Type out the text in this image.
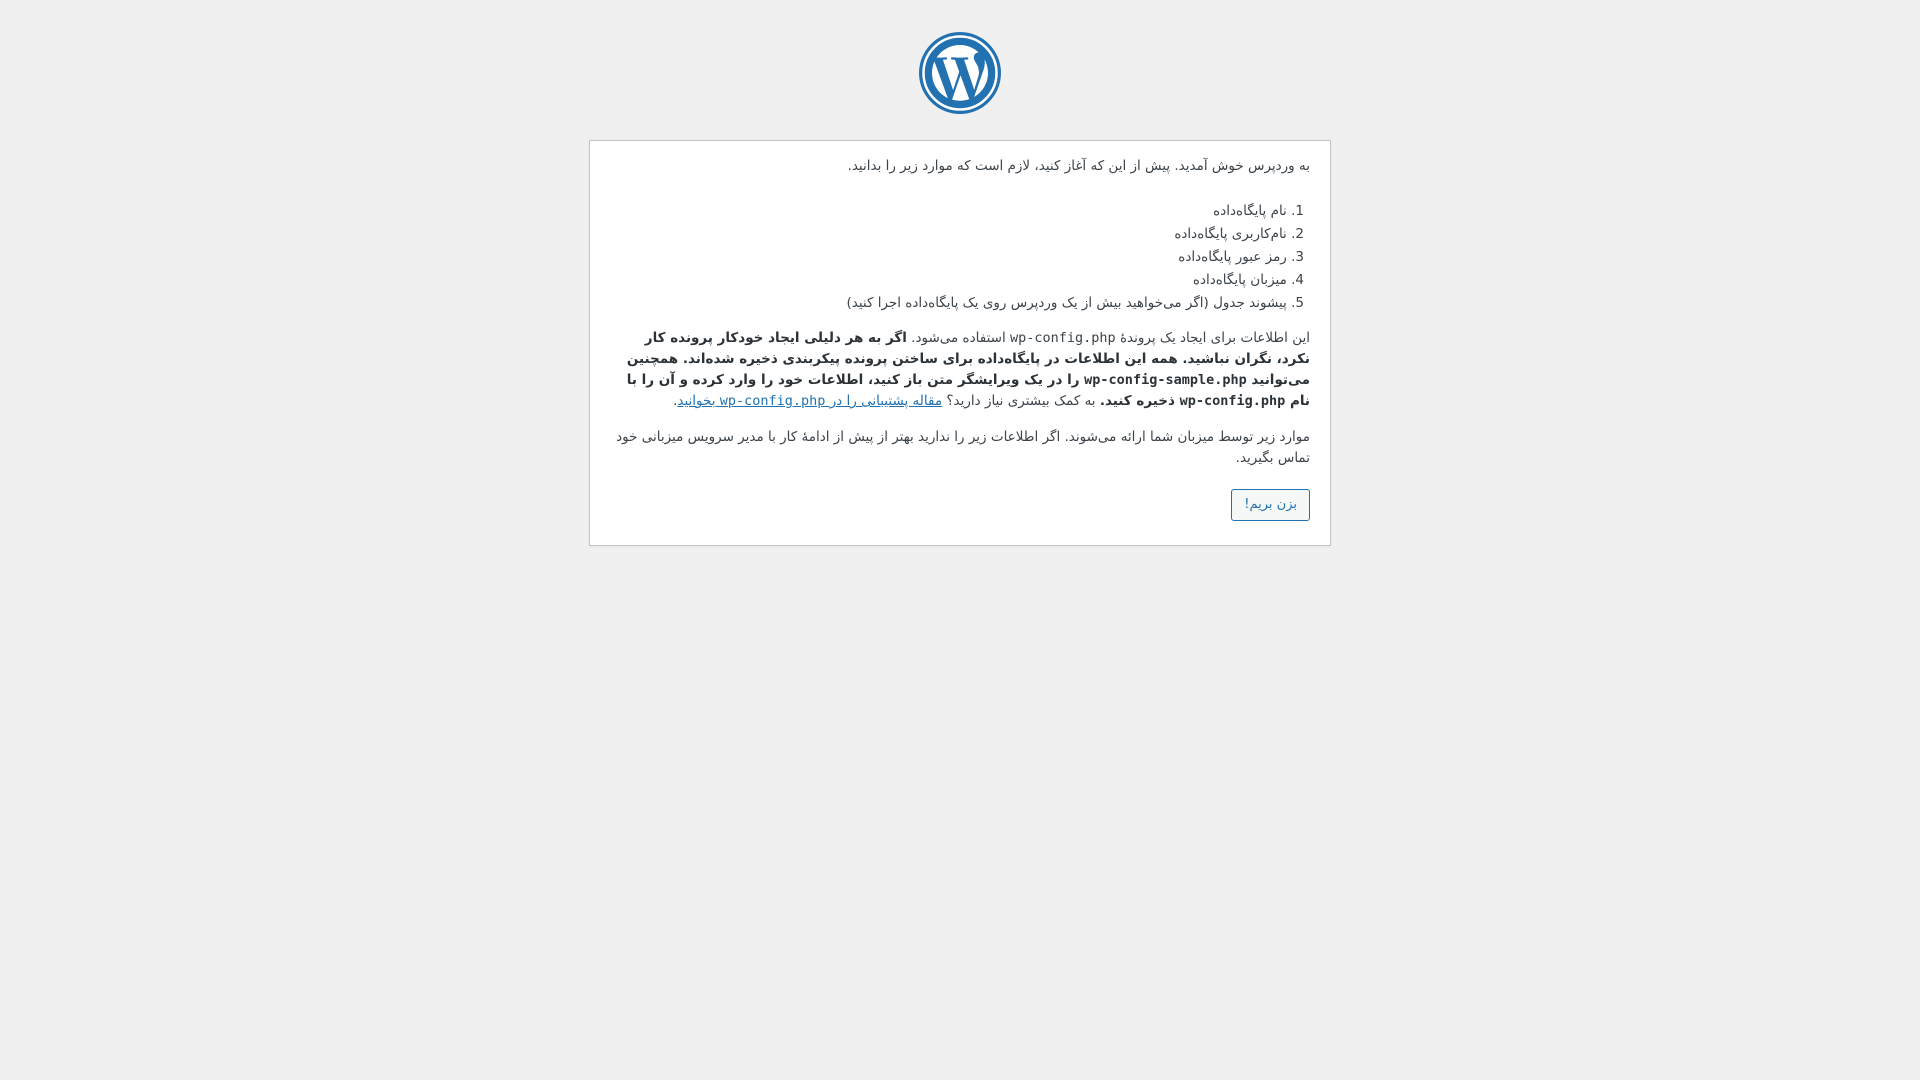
به وردپرس خوش آمدید. پیش از این که آغاز کنید، لازم است که موارد زیر را بدانید.

1. نام پایگاه‌داده
2. نام‌کاربری پایگاه‌داده
3. رمز عبور پایگاه‌داده
4. میزبان پایگاه‌داده
5. پیشوند جدول (اگر می‌خواهید بیش از یک وردپرس روی یک پایگاه‌داده اجرا کنید)

این اطلاعات برای ایجاد یک پروندهٔ wp-config.php استفاده می‌شود. اگر به هر دلیلی ایجاد خودکار پرونده کار نکرد، نگران نباشید. همه این اطلاعات در پایگاه‌داده برای ساختن پرونده پیکربندی ذخیره شده‌اند. همچنین می‌توانید wp-config-sample.php را در یک ویرایشگر متن باز کنید، اطلاعات خود را وارد کرده و آن را با نام wp-config.php ذخیره کنید. به کمک بیشتری نیاز دارید؟ مقاله پشتیبانی را در wp-config.php بخوانید.

موارد زیر توسط میزبان شما ارائه می‌شوند. اگر اطلاعات زیر را ندارید بهتر از پیش از ادامهٔ کار با مدیر سرویس میزبانی خود تماس بگیرید.

بزن بریم!
